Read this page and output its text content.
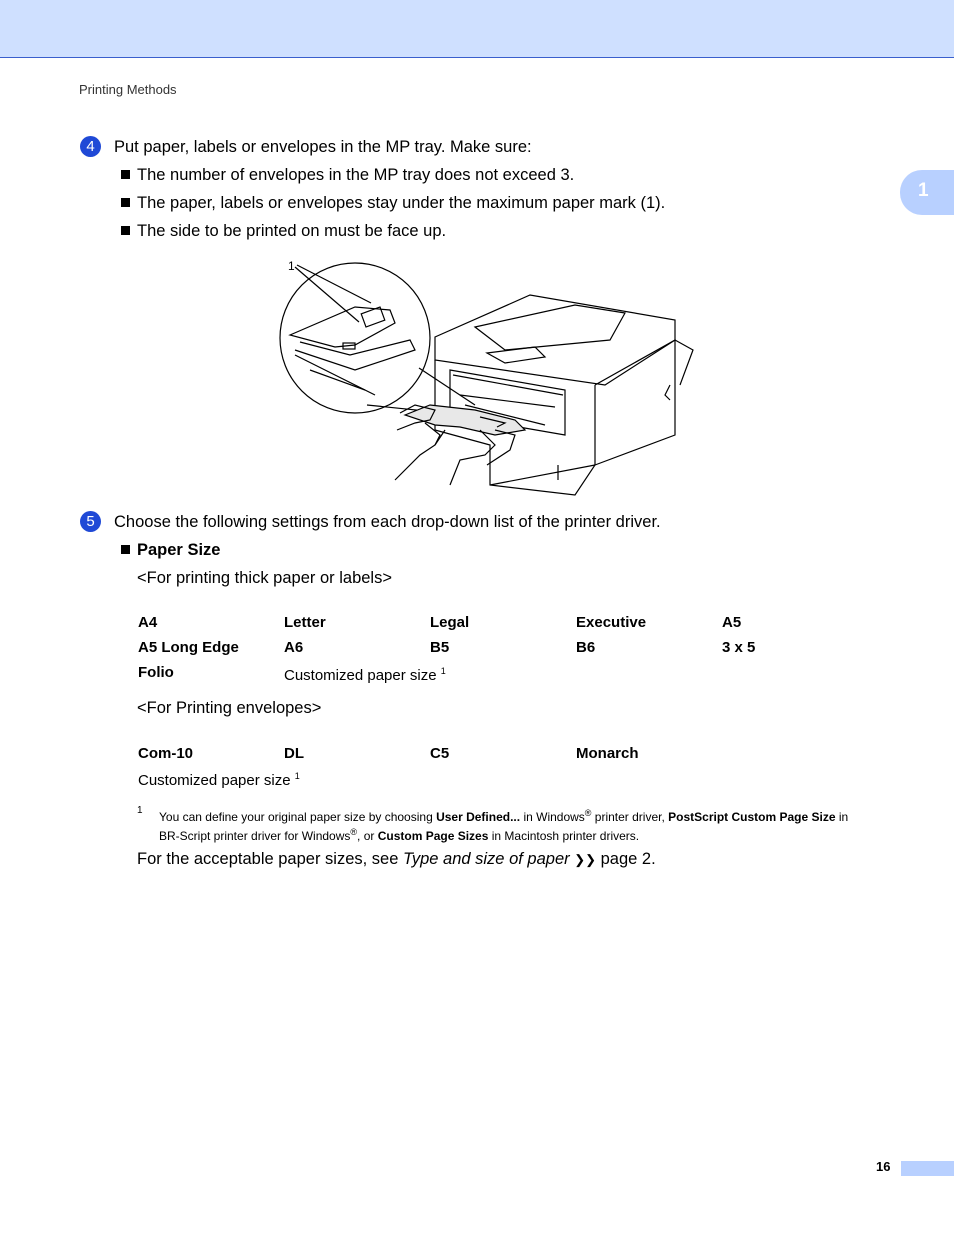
Printing Methods
1
4	Put paper, labels or envelopes in the MP tray. Make sure:
The number of envelopes in the MP tray does not exceed 3.
The paper, labels or envelopes stay under the maximum paper mark (1).
The side to be printed on must be face up.
1
5	Choose the following settings from each drop-down list of the printer driver.
Paper Size
<For printing thick paper or labels>
A4	Letter	Legal	Executive	A5
A5 Long Edge	A6	B5	B6	3 x 5
Folio	Customized paper size $^1$
<For Printing envelopes>
Com-10	DL	C5	Monarch
Customized paper size $^1$
1 You can define your original paper size by choosing User Defined... in Windows® printer driver, PostScript Custom Page Size in
BR-Script printer driver for Windows®, or Custom Page Sizes in Macintosh printer drivers.
For the acceptable paper sizes, see Type and size of paper ❯❯ page 2.
16
